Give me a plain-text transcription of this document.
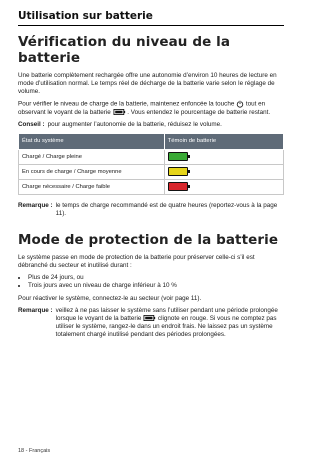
Utilisation sur batterie
Vérification du niveau de la batterie

Une batterie complètement rechargée offre une autonomie d’environ 10 heures de lecture en mode d’utilisation normal. Le temps réel de décharge de la batterie varie selon le réglage de volume.

Pour vérifier le niveau de charge de la batterie, maintenez enfoncée la touche tout en observant le voyant de la batterie	. Vous entendez le pourcentage de batterie restant.

Conseil : pour augmenter l’autonomie de la batterie, réduisez le volume.
État du système	Témoin de batterie
Chargé / Charge pleine	
En cours de charge / Charge moyenne	
Charge nécessaire / Charge faible	
Remarque : le temps de charge recommandé est de quatre heures (reportez-vous à la page 11).
Mode de protection de la batterie

Le système passe en mode de protection de la batterie pour préserver celle-ci s’il est débranché du secteur et inutilisé durant :

• Plus de 24 jours, ou
• Trois jours avec un niveau de charge inférieur à 10 %

Pour réactiver le système, connectez-le au secteur (voir page 11).

Remarque : veillez à ne pas laisser le système sans l’utiliser pendant une période prolongée lorsque le voyant de la batterie	clignote en rouge. Si vous ne comptez pas utiliser le système, rangez-le dans un endroit frais. Ne laissez pas un système totalement chargé inutilisé pendant des périodes prolongées.
18 - Français
